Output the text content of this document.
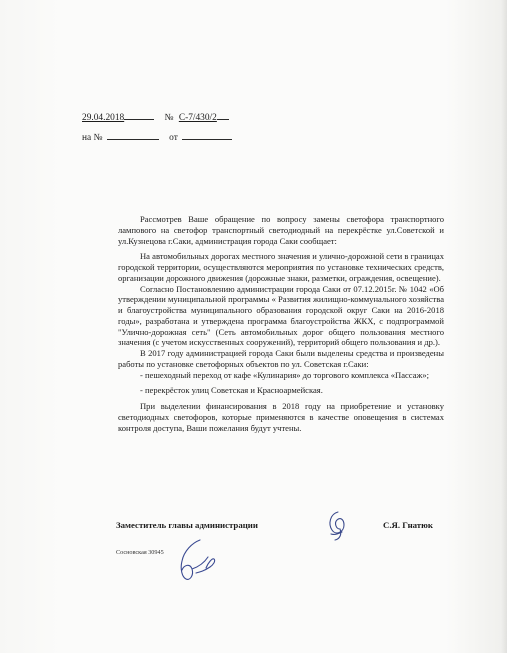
29.04.2018	№ С-7/430/2
на №	от

Рассмотрев Ваше обращение по вопросу замены светофора транспортного лампового на светофор транспортный светодиодный на перекрёстке ул.Советской и ул.Кузнецова г.Саки, администрация города Саки сообщает:

На автомобильных дорогах местного значения и улично-дорожной сети в границах городской территории, осуществляются мероприятия по установке технических средств, организации дорожного движения (дорожные знаки, разметки, ограждения, освещение).

Согласно Постановлению администрации города Саки от 07.12.2015г. № 1042 «Об утверждении муниципальной программы « Развития жилищно-коммунального хозяйства и благоустройства муниципального образования городской округ Саки на 2016-2018 годы», разработана и утверждена программа благоустройства ЖКХ, с подпрограммой "Улично-дорожная сеть" (Сеть автомобильных дорог общего пользования местного значения (с учетом искусственных сооружений), территорий общего пользования и др.).

В 2017 году администрацией города Саки были выделены средства и произведены работы по установке светофорных объектов по ул. Советская г.Саки:

- пешеходный переход от кафе «Кулинария» до торгового комплекса «Пассаж»;

- перекрёсток улиц Советская и Красноармейская.

При выделении финансирования в 2018 году на приобретение и установку светодиодных светофоров, которые применяются в качестве оповещения в системах контроля доступа, Ваши пожелания будут учтены.

Заместитель главы администрации	С.Я. Гнатюк
Сосновская 30945
